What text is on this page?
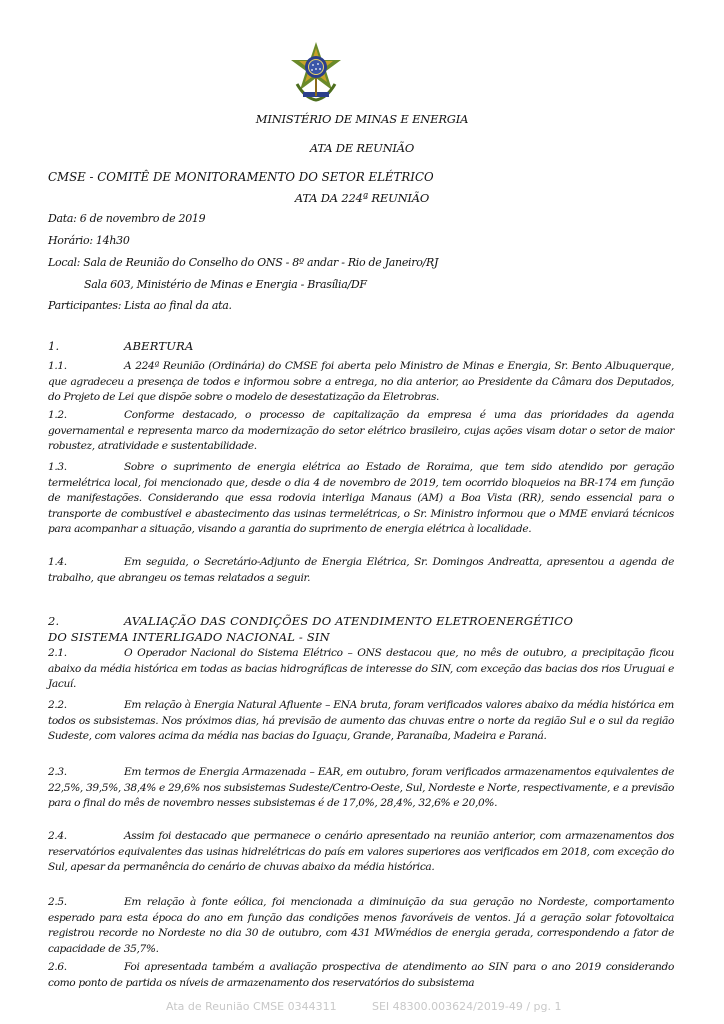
MINISTÉRIO DE MINAS E ENERGIA
ATA DE REUNIÃO
CMSE - COMITÊ DE MONITORAMENTO DO SETOR ELÉTRICO
ATA DA 224ª REUNIÃO
Data: 6 de novembro de 2019
Horário: 14h30
Local: Sala de Reunião do Conselho do ONS - 8º andar - Rio de Janeiro/RJ
Sala 603, Ministério de Minas e Energia - Brasília/DF
Participantes: Lista ao final da ata.
1.	ABERTURA
1.1.	A 224ª Reunião (Ordinária) do CMSE foi aberta pelo Ministro de Minas e Energia, Sr. Bento Albuquerque, que agradeceu a presença de todos e informou sobre a entrega, no dia anterior, ao Presidente da Câmara dos Deputados, do Projeto de Lei que dispõe sobre o modelo de desestatização da Eletrobras.
1.2.	Conforme destacado, o processo de capitalização da empresa é uma das prioridades da agenda governamental e representa marco da modernização do setor elétrico brasileiro, cujas ações visam dotar o setor de maior robustez, atratividade e sustentabilidade.
1.3.	Sobre o suprimento de energia elétrica ao Estado de Roraima, que tem sido atendido por geração termelétrica local, foi mencionado que, desde o dia 4 de novembro de 2019, tem ocorrido bloqueios na BR-174 em função de manifestações. Considerando que essa rodovia interliga Manaus (AM) a Boa Vista (RR), sendo essencial para o transporte de combustível e abastecimento das usinas termelétricas, o Sr. Ministro informou que o MME enviará técnicos para acompanhar a situação, visando a garantia do suprimento de energia elétrica à localidade.
1.4.	Em seguida, o Secretário-Adjunto de Energia Elétrica, Sr. Domingos Andreatta, apresentou a agenda de trabalho, que abrangeu os temas relatados a seguir.
2.	AVALIAÇÃO DAS CONDIÇÕES DO ATENDIMENTO ELETROENERGÉTICO
DO SISTEMA INTERLIGADO NACIONAL - SIN
2.1.	O Operador Nacional do Sistema Elétrico – ONS destacou que, no mês de outubro, a precipitação ficou abaixo da média histórica em todas as bacias hidrográficas de interesse do SIN, com exceção das bacias dos rios Uruguai e Jacuí.
2.2.	Em relação à Energia Natural Afluente – ENA bruta, foram verificados valores abaixo da média histórica em todos os subsistemas. Nos próximos dias, há previsão de aumento das chuvas entre o norte da região Sul e o sul da região Sudeste, com valores acima da média nas bacias do Iguaçu, Grande, Paranaíba, Madeira e Paraná.
2.3.	Em termos de Energia Armazenada – EAR, em outubro, foram verificados armazenamentos equivalentes de 22,5%, 39,5%, 38,4% e 29,6% nos subsistemas Sudeste/Centro-Oeste, Sul, Nordeste e Norte, respectivamente, e a previsão para o final do mês de novembro nesses subsistemas é de 17,0%, 28,4%, 32,6% e 20,0%.
2.4.	Assim foi destacado que permanece o cenário apresentado na reunião anterior, com armazenamentos dos reservatórios equivalentes das usinas hidrelétricas do país em valores superiores aos verificados em 2018, com exceção do Sul, apesar da permanência do cenário de chuvas abaixo da média histórica.
2.5.	Em relação à fonte eólica, foi mencionada a diminuição da sua geração no Nordeste, comportamento esperado para esta época do ano em função das condições menos favoráveis de ventos. Já a geração solar fotovoltaica registrou recorde no Nordeste no dia 30 de outubro, com 431 MWmédios de energia gerada, correspondendo a fator de capacidade de 35,7%.
2.6.	Foi apresentada também a avaliação prospectiva de atendimento ao SIN para o ano 2019 considerando como ponto de partida os níveis de armazenamento dos reservatórios do subsistema
Ata de Reunião CMSE 0344311	SEI 48300.003624/2019-49 / pg. 1
